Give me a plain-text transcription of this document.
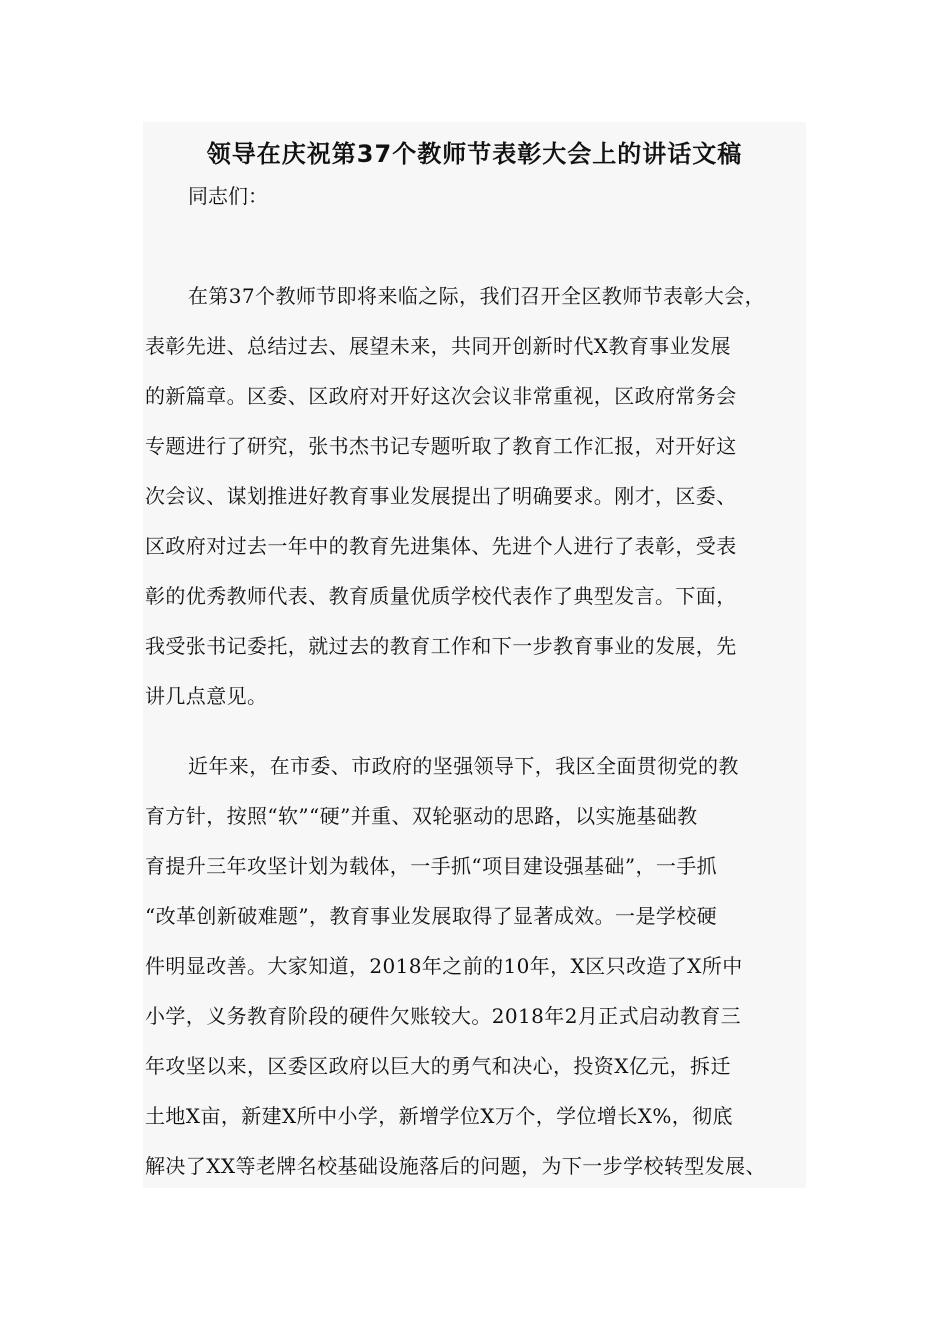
领导在庆祝第37个教师节表彰大会上的讲话文稿

同志们：

在第37个教师节即将来临之际，我们召开全区教师节表彰大会，

表彰先进、总结过去、展望未来，共同开创新时代X教育事业发展

的新篇章。区委、区政府对开好这次会议非常重视，区政府常务会

专题进行了研究，张书杰书记专题听取了教育工作汇报，对开好这

次会议、谋划推进好教育事业发展提出了明确要求。刚才，区委、

区政府对过去一年中的教育先进集体、先进个人进行了表彰，受表

彰的优秀教师代表、教育质量优质学校代表作了典型发言。下面，

我受张书记委托，就过去的教育工作和下一步教育事业的发展，先

讲几点意见。

近年来，在市委、市政府的坚强领导下，我区全面贯彻党的教

育方针，按照“软”“硬”并重、双轮驱动的思路，以实施基础教

育提升三年攻坚计划为载体，一手抓“项目建设强基础”，一手抓

“改革创新破难题”，教育事业发展取得了显著成效。一是学校硬

件明显改善。大家知道，2018年之前的10年，X区只改造了X所中

小学，义务教育阶段的硬件欠账较大。2018年2月正式启动教育三

年攻坚以来，区委区政府以巨大的勇气和决心，投资X亿元，拆迁

土地X亩，新建X所中小学，新增学位X万个，学位增长X%，彻底

解决了XX等老牌名校基础设施落后的问题，为下一步学校转型发展、
